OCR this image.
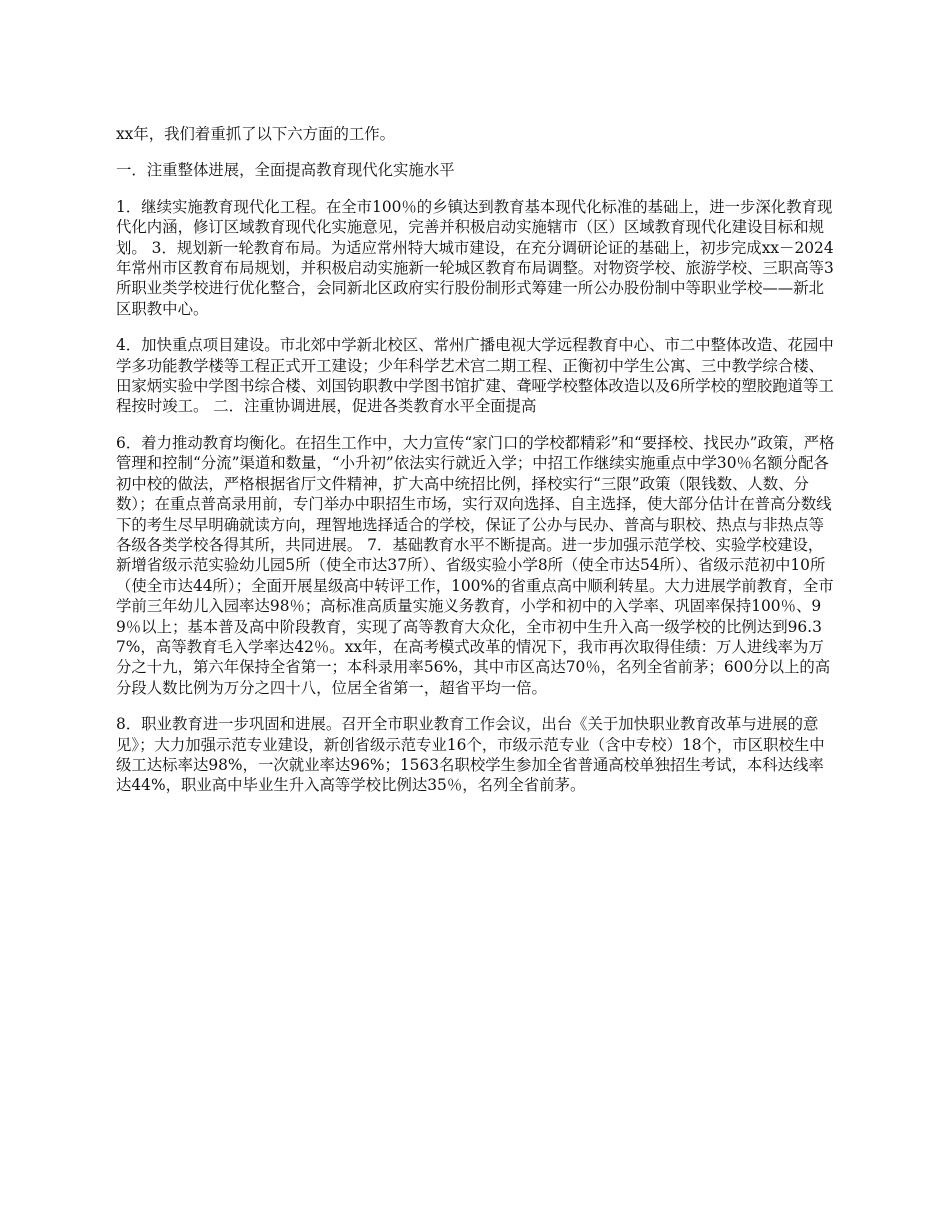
xx年，我们着重抓了以下六方面的工作。

一．注重整体进展，全面提高教育现代化实施水平

1．继续实施教育现代化工程。在全市100％的乡镇达到教育基本现代化标准的基础上，进一步深化教育现代化内涵，修订区域教育现代化实施意见，完善并积极启动实施辖市（区）区域教育现代化建设目标和规划。 3．规划新一轮教育布局。为适应常州特大城市建设，在充分调研论证的基础上，初步完成xx－2024年常州市区教育布局规划，并积极启动实施新一轮城区教育布局调整。对物资学校、旅游学校、三职高等3所职业类学校进行优化整合，会同新北区政府实行股份制形式筹建一所公办股份制中等职业学校——新北区职教中心。

4．加快重点项目建设。市北郊中学新北校区、常州广播电视大学远程教育中心、市二中整体改造、花园中学多功能教学楼等工程正式开工建设；少年科学艺术宫二期工程、正衡初中学生公寓、三中教学综合楼、田家炳实验中学图书综合楼、刘国钧职教中学图书馆扩建、聋哑学校整体改造以及6所学校的塑胶跑道等工程按时竣工。 二．注重协调进展，促进各类教育水平全面提高

6．着力推动教育均衡化。在招生工作中，大力宣传“家门口的学校都精彩”和“要择校、找民办”政策，严格管理和控制“分流”渠道和数量，“小升初”依法实行就近入学；中招工作继续实施重点中学30％名额分配各初中校的做法，严格根据省厅文件精神，扩大高中统招比例，择校实行“三限”政策（限钱数、人数、分数）；在重点普高录用前，专门举办中职招生市场，实行双向选择、自主选择，使大部分估计在普高分数线下的考生尽早明确就读方向，理智地选择适合的学校，保证了公办与民办、普高与职校、热点与非热点等各级各类学校各得其所，共同进展。 7．基础教育水平不断提高。进一步加强示范学校、实验学校建设，新增省级示范实验幼儿园5所（使全市达37所）、省级实验小学8所（使全市达54所）、省级示范初中10所（使全市达44所）；全面开展星级高中转评工作，100%的省重点高中顺利转星。大力进展学前教育，全市学前三年幼儿入园率达98％；高标准高质量实施义务教育，小学和初中的入学率、巩固率保持100％、99％以上；基本普及高中阶段教育，实现了高等教育大众化，全市初中生升入高一级学校的比例达到96.37%，高等教育毛入学率达42％。xx年，在高考模式改革的情况下，我市再次取得佳绩：万人进线率为万分之十九，第六年保持全省第一；本科录用率56%，其中市区高达70％，名列全省前茅；600分以上的高分段人数比例为万分之四十八，位居全省第一，超省平均一倍。

8．职业教育进一步巩固和进展。召开全市职业教育工作会议，出台《关于加快职业教育改革与进展的意见》；大力加强示范专业建设，新创省级示范专业16个，市级示范专业（含中专校）18个，市区职校生中级工达标率达98%，一次就业率达96%；1563名职校学生参加全省普通高校单独招生考试，本科达线率达44%，职业高中毕业生升入高等学校比例达35％，名列全省前茅。
